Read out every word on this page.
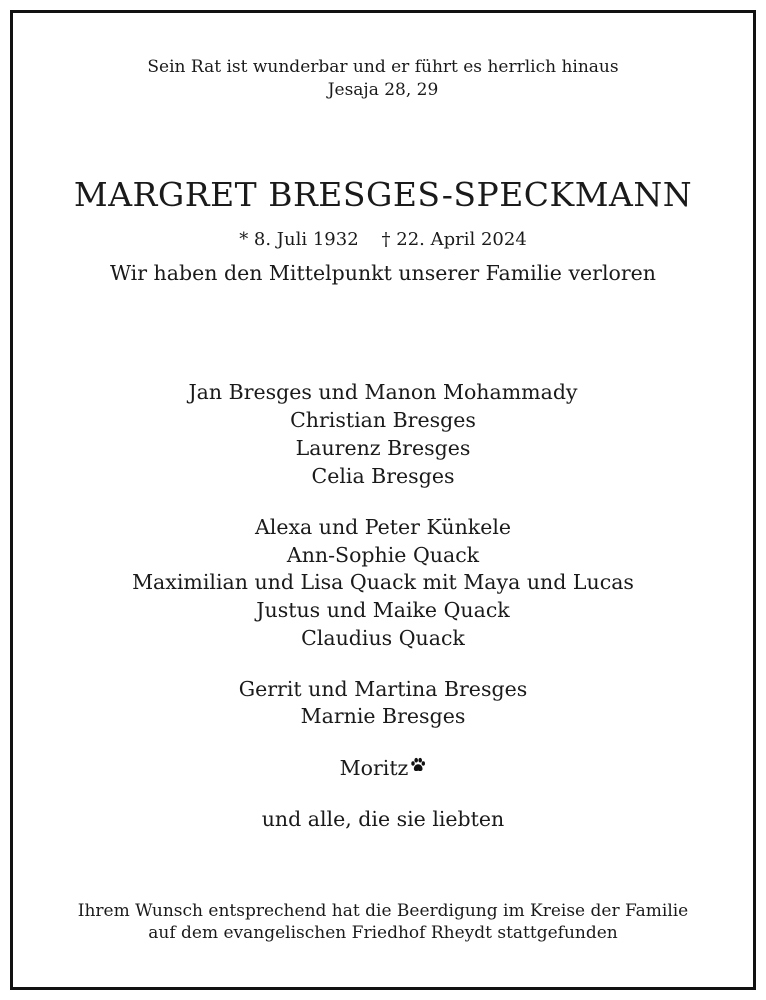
Sein Rat ist wunderbar und er führt es herrlich hinaus
Jesaja 28, 29
MARGRET BRESGES-SPECKMANN
* 8. Juli 1932    † 22. April 2024
Wir haben den Mittelpunkt unserer Familie verloren
Jan Bresges und Manon Mohammady
Christian Bresges
Laurenz Bresges
Celia Bresges
Alexa und Peter Künkele
Ann-Sophie Quack
Maximilian und Lisa Quack mit Maya und Lucas
Justus und Maike Quack
Claudius Quack
Gerrit und Martina Bresges
Marnie Bresges
Moritz
und alle, die sie liebten
Ihrem Wunsch entsprechend hat die Beerdigung im Kreise der Familie
auf dem evangelischen Friedhof Rheydt stattgefunden
